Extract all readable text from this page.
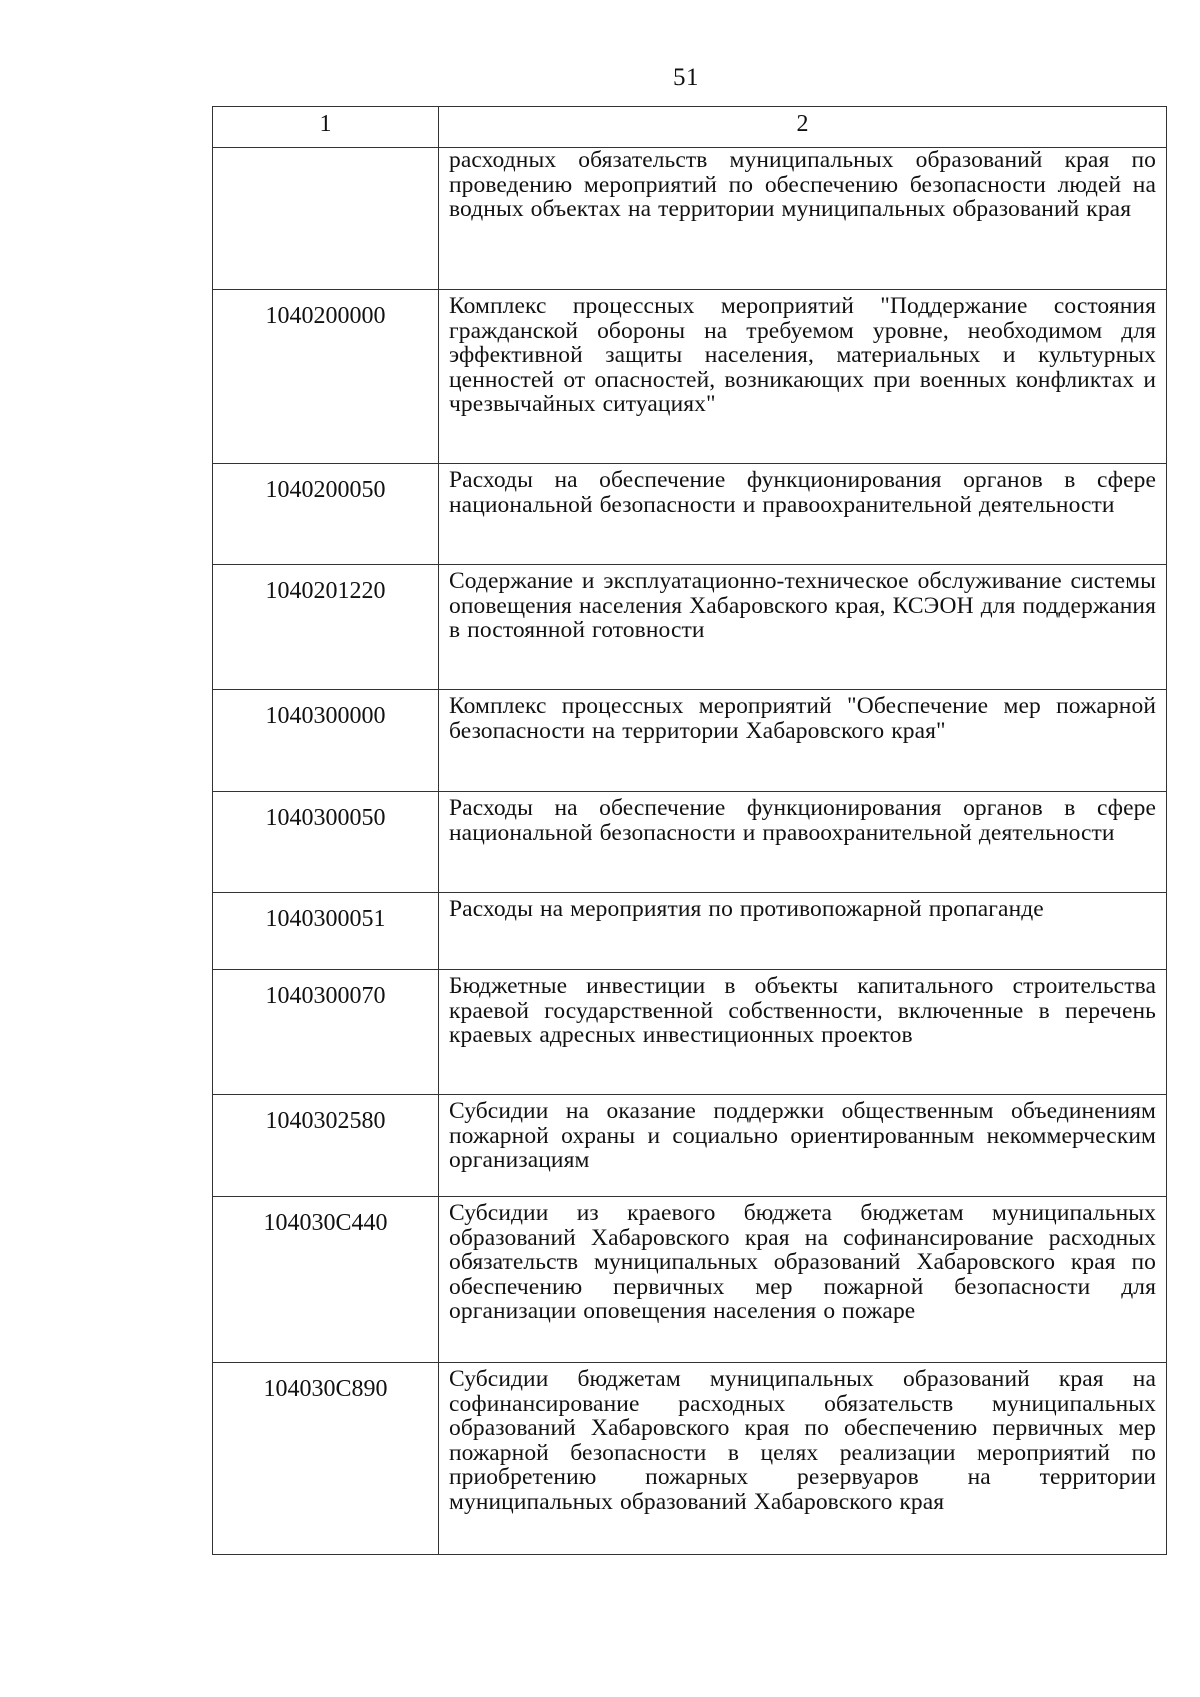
51
1	2
	расходных обязательств муниципальных образований края по проведению мероприятий по обеспечению безопасности людей на водных объектах на территории муниципальных образований края
1040200000	Комплекс процессных мероприятий "Поддержание состояния гражданской обороны на требуемом уровне, необходимом для эффективной защиты населения, материальных и культурных ценностей от опасностей, возникающих при военных конфликтах и чрезвычайных ситуациях"
1040200050	Расходы на обеспечение функционирования органов в сфере национальной безопасности и правоохранительной деятельности
1040201220	Содержание и эксплуатационно-техническое обслуживание системы оповещения населения Хабаровского края, КСЭОН для поддержания в постоянной готовности
1040300000	Комплекс процессных мероприятий "Обеспечение мер пожарной безопасности на территории Хабаровского края"
1040300050	Расходы на обеспечение функционирования органов в сфере национальной безопасности и правоохранительной деятельности
1040300051	Расходы на мероприятия по противопожарной пропаганде
1040300070	Бюджетные инвестиции в объекты капитального строительства краевой государственной собственности, включенные в перечень краевых адресных инвестиционных проектов
1040302580	Субсидии на оказание поддержки общественным объединениям пожарной охраны и социально ориентированным некоммерческим организациям
104030С440	Субсидии из краевого бюджета бюджетам муниципальных образований Хабаровского края на софинансирование расходных обязательств муниципальных образований Хабаровского края по обеспечению первичных мер пожарной безопасности для организации оповещения населения о пожаре
104030С890	Субсидии бюджетам муниципальных образований края на софинансирование расходных обязательств муниципальных образований Хабаровского края по обеспечению первичных мер пожарной безопасности в целях реализации мероприятий по приобретению пожарных резервуаров на территории муниципальных образований Хабаровского края
